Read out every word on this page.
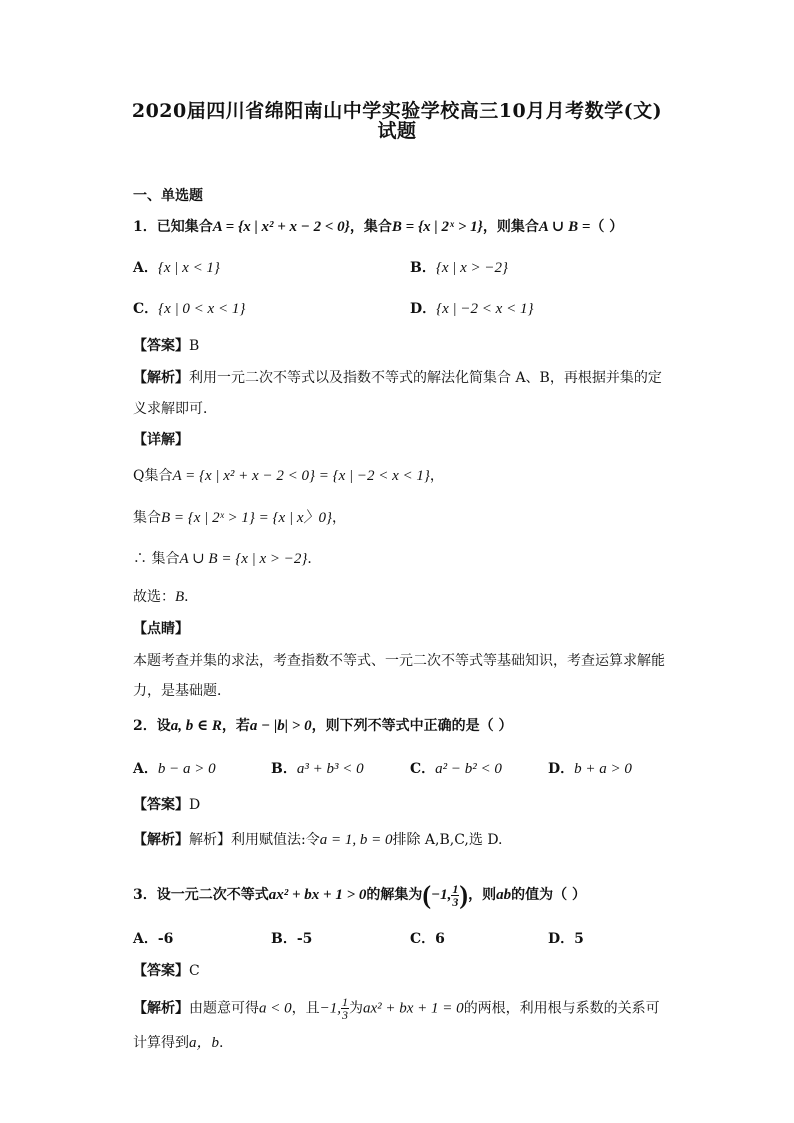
2020届四川省绵阳南山中学实验学校高三10月月考数学(文)
试题
一、单选题
1．已知集合A = {x | x² + x − 2 < 0}，集合B = {x | 2ˣ > 1}，则集合A ∪ B =（ ）
A．{x | x < 1}	B．{x | x > −2}
C．{x | 0 < x < 1}	D．{x | −2 < x < 1}
【答案】B
【解析】利用一元二次不等式以及指数不等式的解法化简集合 A、B，再根据并集的定
义求解即可．
【详解】
Q集合A = {x | x² + x − 2 < 0} = {x | −2 < x < 1}，
集合B = {x | 2ˣ > 1} = {x | x〉0}，
∴ 集合A ∪ B = {x | x > −2}．
故选：B．
【点睛】
本题考查并集的求法，考查指数不等式、一元二次不等式等基础知识，考查运算求解能
力，是基础题．
2．设a, b ∈ R，若a − |b| > 0，则下列不等式中正确的是（ ）
A．b − a > 0	B．a³ + b³ < 0	C．a² − b² < 0	D．b + a > 0
【答案】D
【解析】解析】利用赋值法:令a = 1, b = 0排除 A,B,C,选 D.
3．设一元二次不等式ax² + bx + 1 > 0的解集为(−1, $\frac{1}{3}$ )，则ab的值为（ ）
A．-6	B．-5	C．6	D．5
【答案】C
【解析】由题意可得a < 0，且−1, $\frac{1}{3}$ 为ax² + bx + 1 = 0的两根，利用根与系数的关系可
计算得到a，b.
